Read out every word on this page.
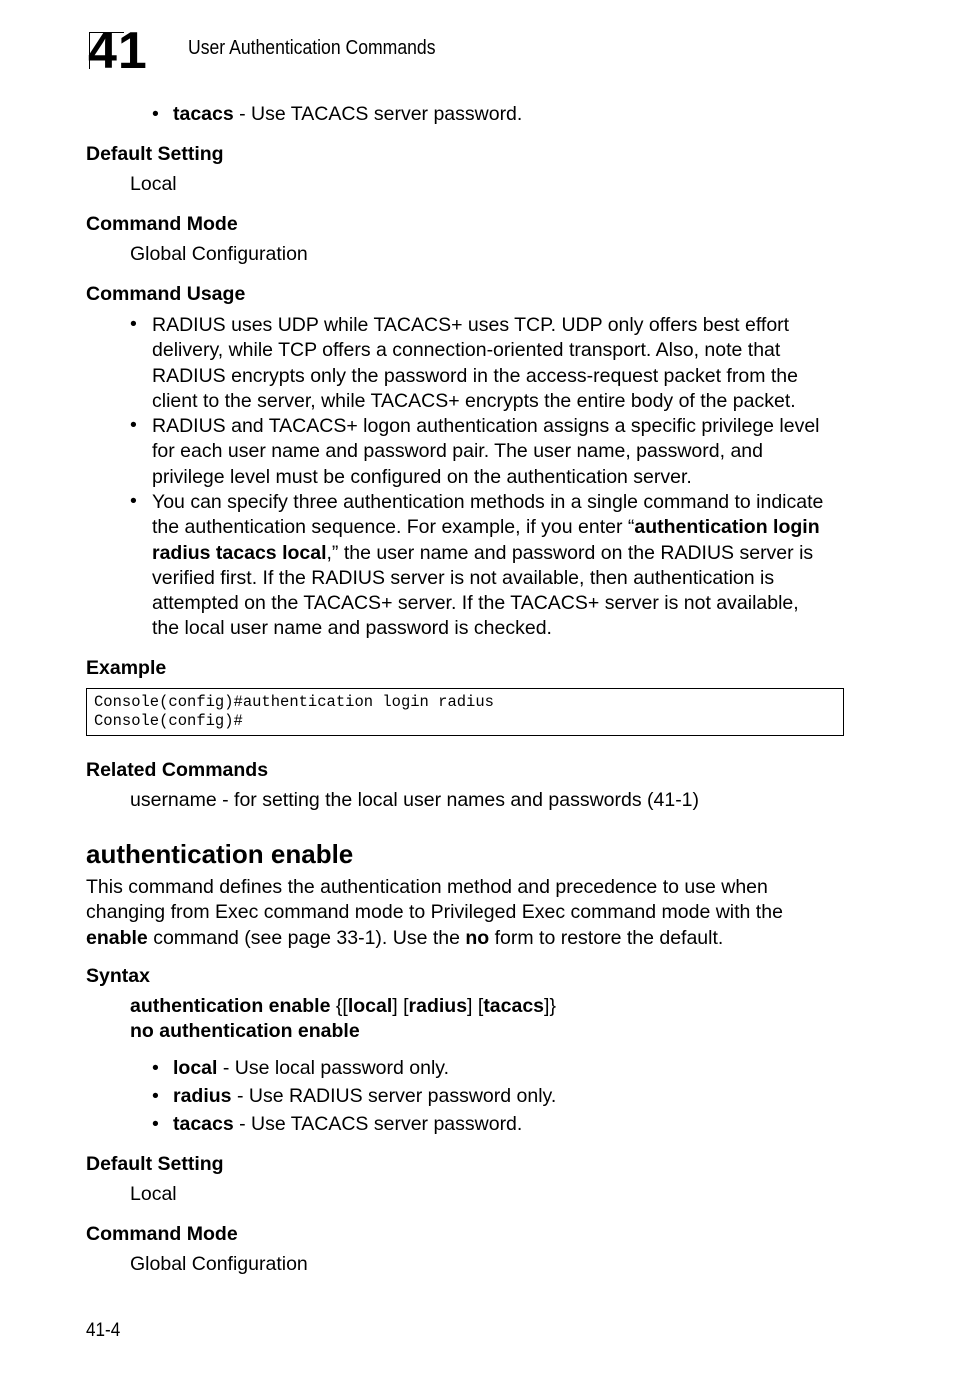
41 User Authentication Commands
• tacacs - Use TACACS server password.
Default Setting
Local
Command Mode
Global Configuration
Command Usage
• RADIUS uses UDP while TACACS+ uses TCP. UDP only offers best effort
delivery, while TCP offers a connection-oriented transport. Also, note that
RADIUS encrypts only the password in the access-request packet from the
client to the server, while TACACS+ encrypts the entire body of the packet.
• RADIUS and TACACS+ logon authentication assigns a specific privilege level
for each user name and password pair. The user name, password, and
privilege level must be configured on the authentication server.
• You can specify three authentication methods in a single command to indicate
the authentication sequence. For example, if you enter “authentication login
radius tacacs local,” the user name and password on the RADIUS server is
verified first. If the RADIUS server is not available, then authentication is
attempted on the TACACS+ server. If the TACACS+ server is not available,
the local user name and password is checked.
Example
Console(config)#authentication login radius
Console(config)#
Related Commands
username - for setting the local user names and passwords (41-1)
authentication enable
This command defines the authentication method and precedence to use when
changing from Exec command mode to Privileged Exec command mode with the
enable command (see page 33-1). Use the no form to restore the default.
Syntax
authentication enable {[local] [radius] [tacacs]}
no authentication enable
• local - Use local password only.
• radius - Use RADIUS server password only.
• tacacs - Use TACACS server password.
Default Setting
Local
Command Mode
Global Configuration
41-4
